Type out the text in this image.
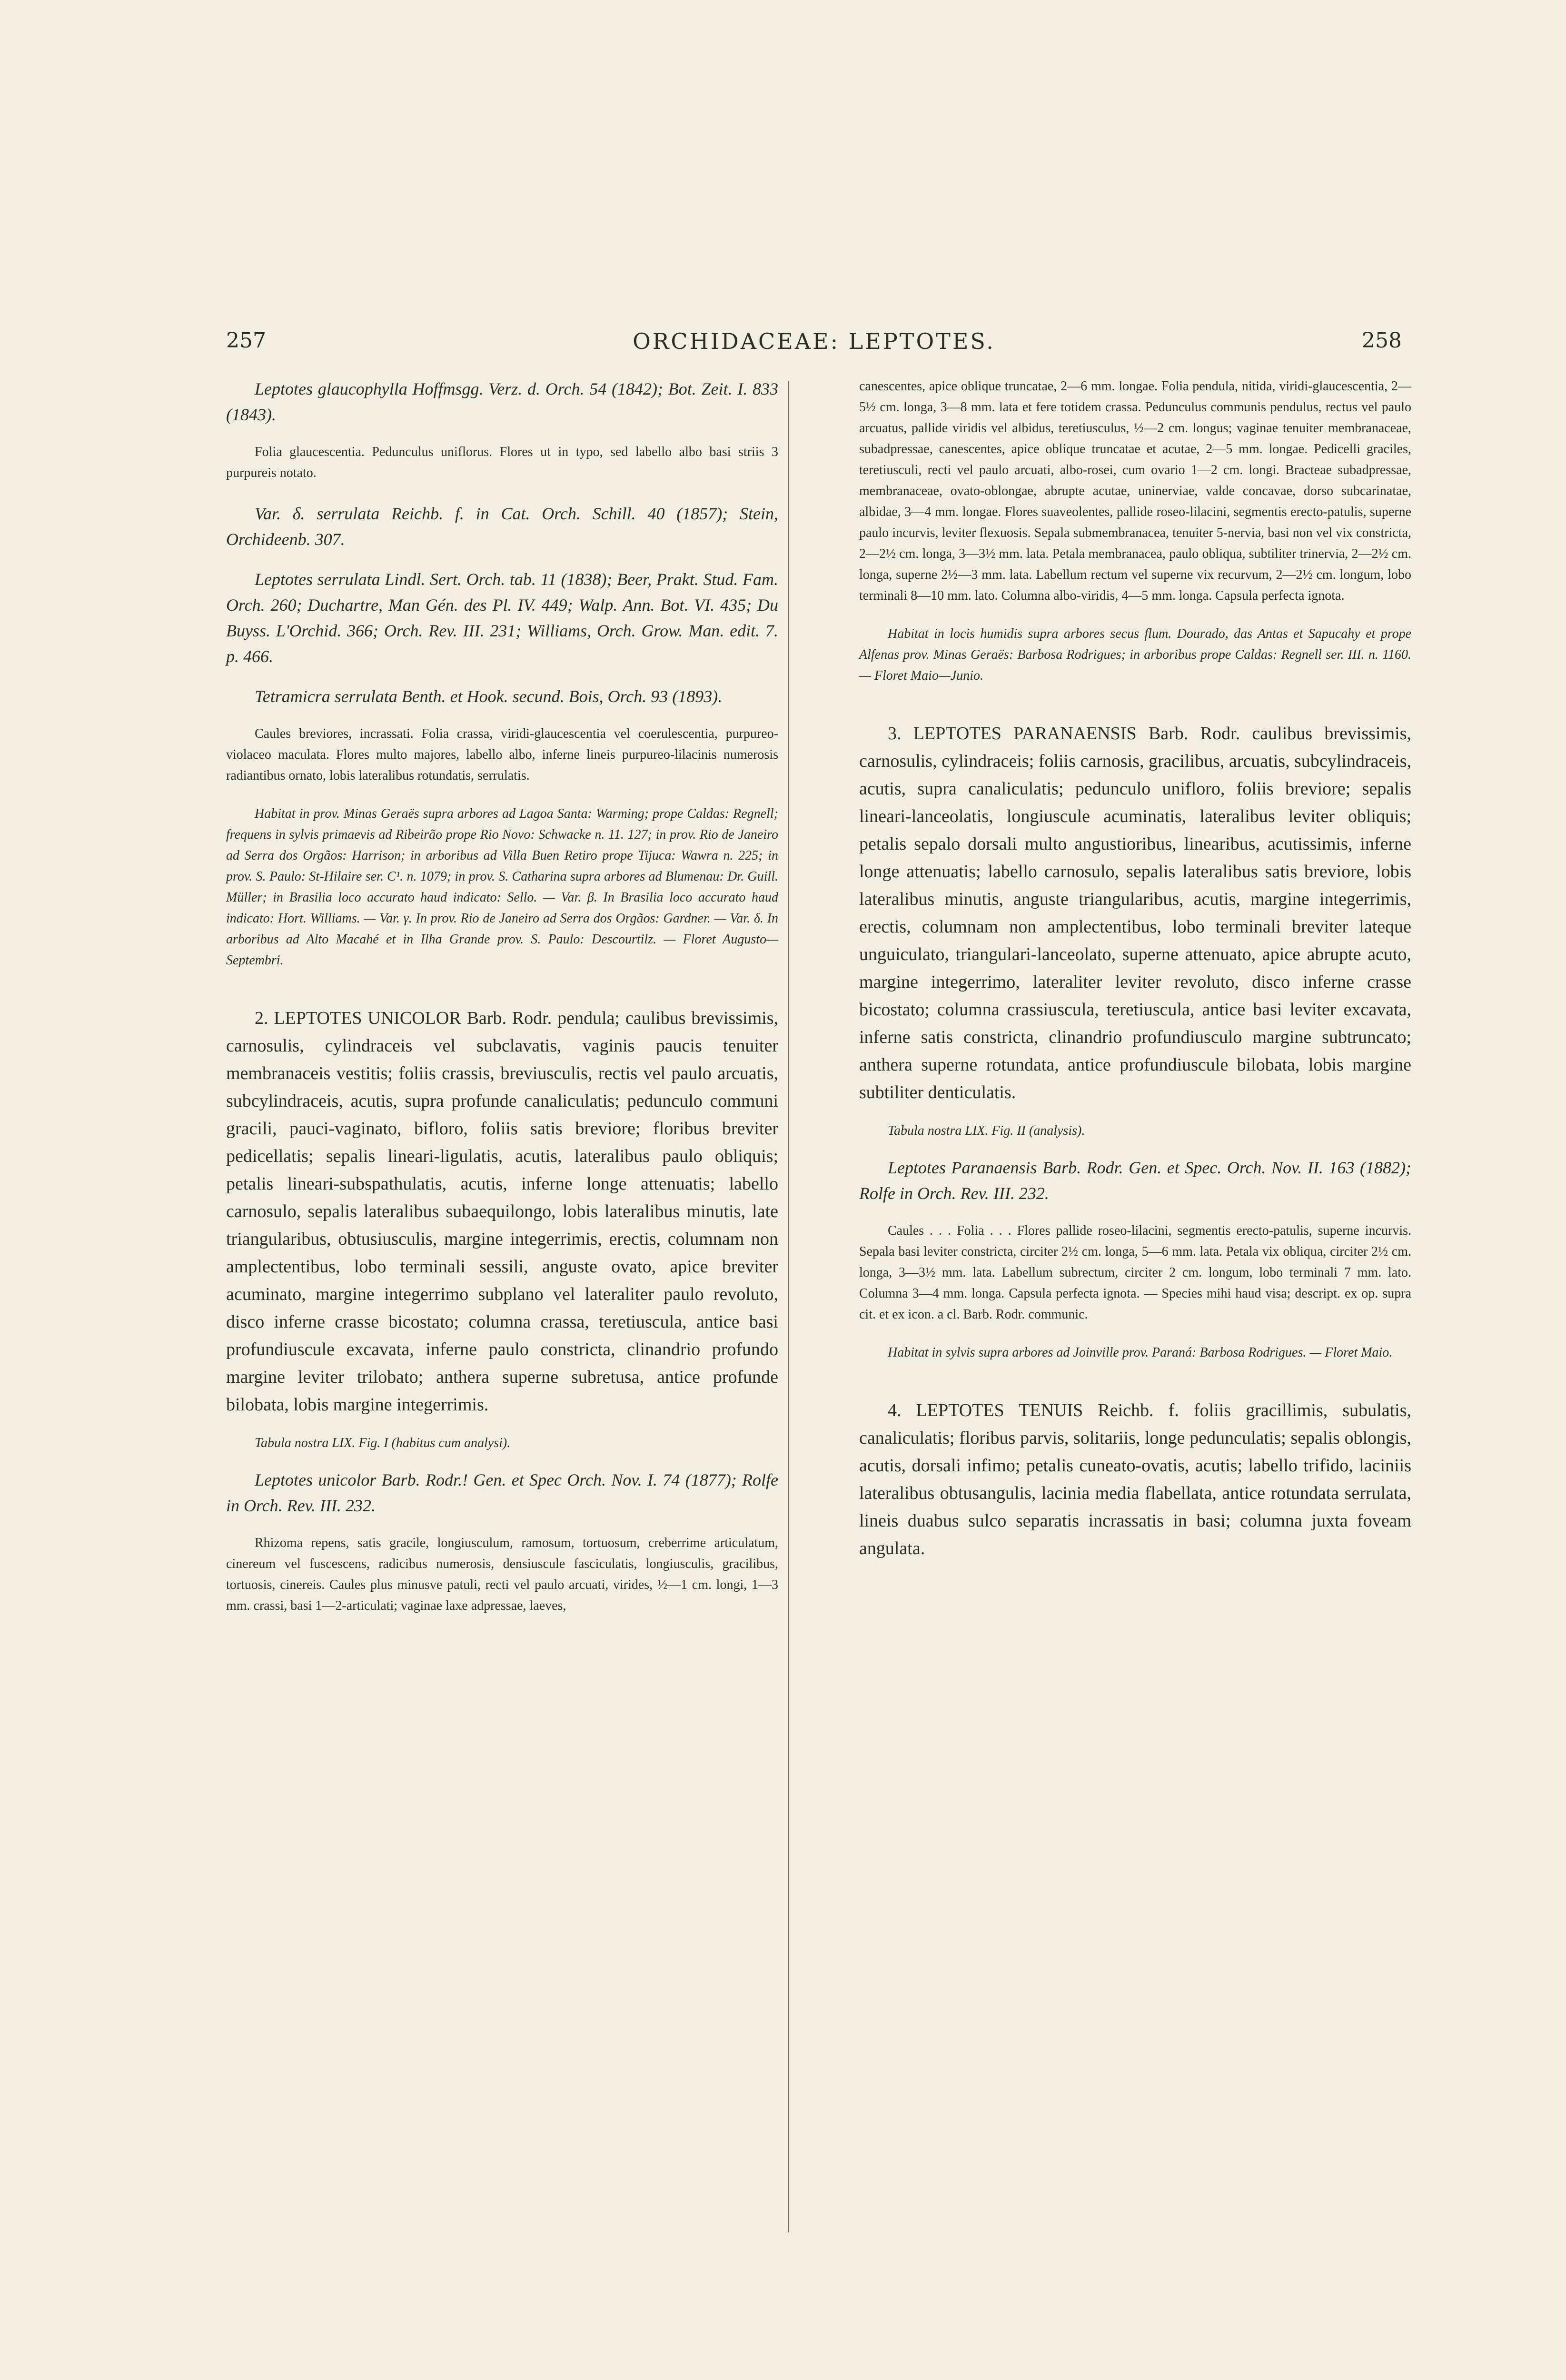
257	ORCHIDACEAE: LEPTOTES.	258

Leptotes glaucophylla Hoffmsgg. Verz. d. Orch. 54 (1842); Bot. Zeit. I. 833 (1843).

Folia glaucescentia. Pedunculus uniflorus. Flores ut in typo, sed labello albo basi striis 3 purpureis notato.

Var. δ. serrulata Reichb. f. in Cat. Orch. Schill. 40 (1857); Stein, Orchideenb. 307.

Leptotes serrulata Lindl. Sert. Orch. tab. 11 (1838); Beer, Prakt. Stud. Fam. Orch. 260; Duchartre, Man Gén. des Pl. IV. 449; Walp. Ann. Bot. VI. 435; Du Buyss. L'Orchid. 366; Orch. Rev. III. 231; Williams, Orch. Grow. Man. edit. 7. p. 466.

Tetramicra serrulata Benth. et Hook. secund. Bois, Orch. 93 (1893).

Caules breviores, incrassati. Folia crassa, viridi-glaucescentia vel coerulescentia, purpureo-violaceo maculata. Flores multo majores, labello albo, inferne lineis purpureo-lilacinis numerosis radiantibus ornato, lobis lateralibus rotundatis, serrulatis.

Habitat in prov. Minas Geraës supra arbores ad Lagoa Santa: Warming; prope Caldas: Regnell; frequens in sylvis primaevis ad Ribeirão prope Rio Novo: Schwacke n. 11. 127; in prov. Rio de Janeiro ad Serra dos Orgãos: Harrison; in arboribus ad Villa Buen Retiro prope Tijuca: Wawra n. 225; in prov. S. Paulo: St-Hilaire ser. C¹. n. 1079; in prov. S. Catharina supra arbores ad Blumenau: Dr. Guill. Müller; in Brasilia loco accurato haud indicato: Sello. — Var. β. In Brasilia loco accurato haud indicato: Hort. Williams. — Var. γ. In prov. Rio de Janeiro ad Serra dos Orgãos: Gardner. — Var. δ. In arboribus ad Alto Macahé et in Ilha Grande prov. S. Paulo: Descourtilz. — Floret Augusto—Septembri.

2. LEPTOTES UNICOLOR Barb. Rodr. pendula; caulibus brevissimis, carnosulis, cylindraceis vel subclavatis, vaginis paucis tenuiter membranaceis vestitis; foliis crassis, breviusculis, rectis vel paulo arcuatis, subcylindraceis, acutis, supra profunde canaliculatis; pedunculo communi gracili, pauci-vaginato, bifloro, foliis satis breviore; floribus breviter pedicellatis; sepalis lineari-ligulatis, acutis, lateralibus paulo obliquis; petalis lineari-subspathulatis, acutis, inferne longe attenuatis; labello carnosulo, sepalis lateralibus subaequilongo, lobis lateralibus minutis, late triangularibus, obtusiusculis, margine integerrimis, erectis, columnam non amplectentibus, lobo terminali sessili, anguste ovato, apice breviter acuminato, margine integerrimo subplano vel lateraliter paulo revoluto, disco inferne crasse bicostato; columna crassa, teretiuscula, antice basi profundiuscule excavata, inferne paulo constricta, clinandrio profundo margine leviter trilobato; anthera superne subretusa, antice profunde bilobata, lobis margine integerrimis.

Tabula nostra LIX. Fig. I (habitus cum analysi).

Leptotes unicolor Barb. Rodr.! Gen. et Spec Orch. Nov. I. 74 (1877); Rolfe in Orch. Rev. III. 232.

Rhizoma repens, satis gracile, longiusculum, ramosum, tortuosum, creberrime articulatum, cinereum vel fuscescens, radicibus numerosis, densiuscule fasciculatis, longiusculis, gracilibus, tortuosis, cinereis. Caules plus minusve patuli, recti vel paulo arcuati, virides, ½—1 cm. longi, 1—3 mm. crassi, basi 1—2-articulati; vaginae laxe adpressae, laeves,

canescentes, apice oblique truncatae, 2—6 mm. longae. Folia pendula, nitida, viridi-glaucescentia, 2—5½ cm. longa, 3—8 mm. lata et fere totidem crassa. Pedunculus communis pendulus, rectus vel paulo arcuatus, pallide viridis vel albidus, teretiusculus, ½—2 cm. longus; vaginae tenuiter membranaceae, subadpressae, canescentes, apice oblique truncatae et acutae, 2—5 mm. longae. Pedicelli graciles, teretiusculi, recti vel paulo arcuati, albo-rosei, cum ovario 1—2 cm. longi. Bracteae subadpressae, membranaceae, ovato-oblongae, abrupte acutae, uninerviae, valde concavae, dorso subcarinatae, albidae, 3—4 mm. longae. Flores suaveolentes, pallide roseo-lilacini, segmentis erecto-patulis, superne paulo incurvis, leviter flexuosis. Sepala submembranacea, tenuiter 5-nervia, basi non vel vix constricta, 2—2½ cm. longa, 3—3½ mm. lata. Petala membranacea, paulo obliqua, subtiliter trinervia, 2—2½ cm. longa, superne 2½—3 mm. lata. Labellum rectum vel superne vix recurvum, 2—2½ cm. longum, lobo terminali 8—10 mm. lato. Columna albo-viridis, 4—5 mm. longa. Capsula perfecta ignota.

Habitat in locis humidis supra arbores secus flum. Dourado, das Antas et Sapucahy et prope Alfenas prov. Minas Geraës: Barbosa Rodrigues; in arboribus prope Caldas: Regnell ser. III. n. 1160. — Floret Maio—Junio.

3. LEPTOTES PARANAENSIS Barb. Rodr. caulibus brevissimis, carnosulis, cylindraceis; foliis carnosis, gracilibus, arcuatis, subcylindraceis, acutis, supra canaliculatis; pedunculo unifloro, foliis breviore; sepalis lineari-lanceolatis, longiuscule acuminatis, lateralibus leviter obliquis; petalis sepalo dorsali multo angustioribus, linearibus, acutissimis, inferne longe attenuatis; labello carnosulo, sepalis lateralibus satis breviore, lobis lateralibus minutis, anguste triangularibus, acutis, margine integerrimis, erectis, columnam non amplectentibus, lobo terminali breviter lateque unguiculato, triangulari-lanceolato, superne attenuato, apice abrupte acuto, margine integerrimo, lateraliter leviter revoluto, disco inferne crasse bicostato; columna crassiuscula, teretiuscula, antice basi leviter excavata, inferne satis constricta, clinandrio profundiusculo margine subtruncato; anthera superne rotundata, antice profundiuscule bilobata, lobis margine subtiliter denticulatis.

Tabula nostra LIX. Fig. II (analysis).

Leptotes Paranaensis Barb. Rodr. Gen. et Spec. Orch. Nov. II. 163 (1882); Rolfe in Orch. Rev. III. 232.

Caules . . . Folia . . . Flores pallide roseo-lilacini, segmentis erecto-patulis, superne incurvis. Sepala basi leviter constricta, circiter 2½ cm. longa, 5—6 mm. lata. Petala vix obliqua, circiter 2½ cm. longa, 3—3½ mm. lata. Labellum subrectum, circiter 2 cm. longum, lobo terminali 7 mm. lato. Columna 3—4 mm. longa. Capsula perfecta ignota. — Species mihi haud visa; descript. ex op. supra cit. et ex icon. a cl. Barb. Rodr. communic.

Habitat in sylvis supra arbores ad Joinville prov. Paraná: Barbosa Rodrigues. — Floret Maio.

4. LEPTOTES TENUIS Reichb. f. foliis gracillimis, subulatis, canaliculatis; floribus parvis, solitariis, longe pedunculatis; sepalis oblongis, acutis, dorsali infimo; petalis cuneato-ovatis, acutis; labello trifido, laciniis lateralibus obtusangulis, lacinia media flabellata, antice rotundata serrulata, lineis duabus sulco separatis incrassatis in basi; columna juxta foveam angulata.
